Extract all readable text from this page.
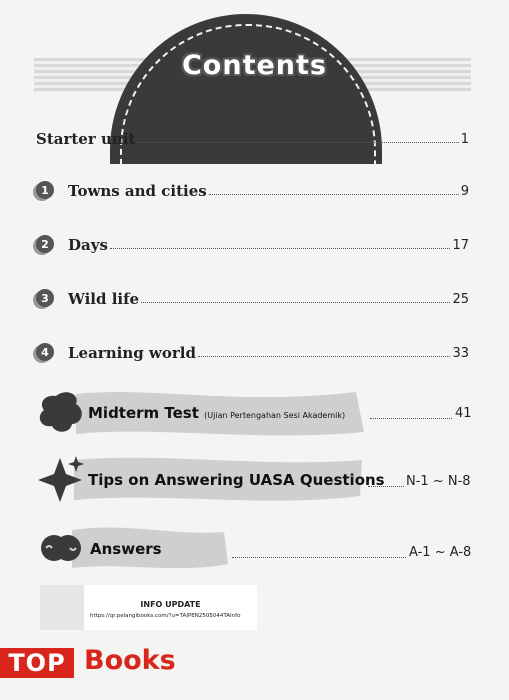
Contents
Starter unit	1
1	Towns and cities	9
2	Days	17
3	Wild life	25
4	Learning world	33
Midterm Test (Ujian Pertengahan Sesi Akademik)	41
Tips on Answering UASA Questions N-1 ~ N-8
Answers	A-1 ~ A-8
INFO UPDATE
https://qr.pelangibooks.com/?u=TAIPEN2505044TAInfo
TOP Books
